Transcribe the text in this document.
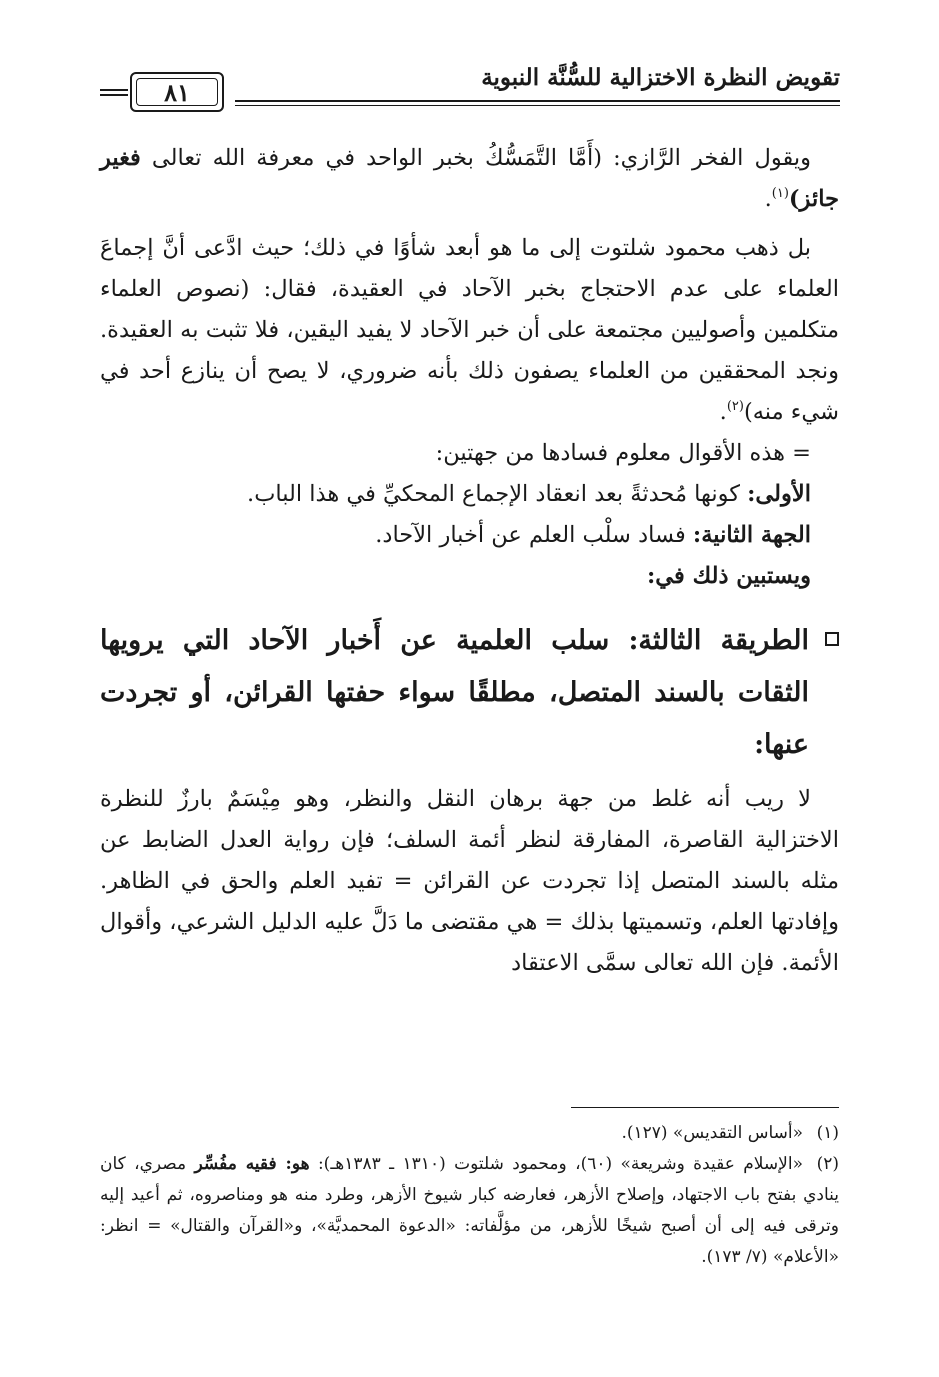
تقويض النظرة الاختزالية للسُّنَّة النبوية
٨١

ويقول الفخر الرَّازي: (أَمَّا التَّمَسُّكُ بخبر الواحد في معرفة الله تعالى فغير جائز)$^{(١)}$.

بل ذهب محمود شلتوت إلى ما هو أبعد شأوًا في ذلك؛ حيث ادَّعى أنَّ إجماعَ العلماء على عدم الاحتجاج بخبر الآحاد في العقيدة، فقال: (نصوص العلماء متكلمين وأصوليين مجتمعة على أن خبر الآحاد لا يفيد اليقين، فلا تثبت به العقيدة. ونجد المحققين من العلماء يصفون ذلك بأنه ضروري، لا يصح أن ينازع أحد في شيء منه)$^{(٢)}$.

= هذه الأقوال معلوم فسادها من جهتين:

الأولى: كونها مُحدثةً بعد انعقاد الإجماع المحكيِّ في هذا الباب.

الجهة الثانية: فساد سلْب العلم عن أخبار الآحاد.

ويستبين ذلك في:

الطريقة الثالثة: سلب العلمية عن أَخبار الآحاد التي يرويها الثقات بالسند المتصل، مطلقًا سواء حفتها القرائن، أو تجردت عنها:

لا ريب أنه غلط من جهة برهان النقل والنظر، وهو مِيْسَمٌ بارزٌ للنظرة الاختزالية القاصرة، المفارقة لنظر أئمة السلف؛ فإن رواية العدل الضابط عن مثله بالسند المتصل إذا تجردت عن القرائن = تفيد العلم والحق في الظاهر. وإفادتها العلم، وتسميتها بذلك = هي مقتضى ما دَلَّ عليه الدليل الشرعي، وأقوال الأئمة. فإن الله تعالى سمَّى الاعتقاد

(١)«أساس التقديس» (١٢٧).

(٢)«الإسلام عقيدة وشريعة» (٦٠)، ومحمود شلتوت (١٣١٠ ـ ١٣٨٣هـ): هو: فقيه مفُسِّر مصري، كان ينادي بفتح باب الاجتهاد، وإصلاح الأزهر، فعارضه كبار شيوخ الأزهر، وطرد منه هو ومناصروه، ثم أعيد إليه وترقى فيه إلى أن أصبح شيخًا للأزهر، من مؤلَّفاته: «الدعوة المحمديَّة»، و«القرآن والقتال» = انظر: «الأعلام» (٧/ ١٧٣).
